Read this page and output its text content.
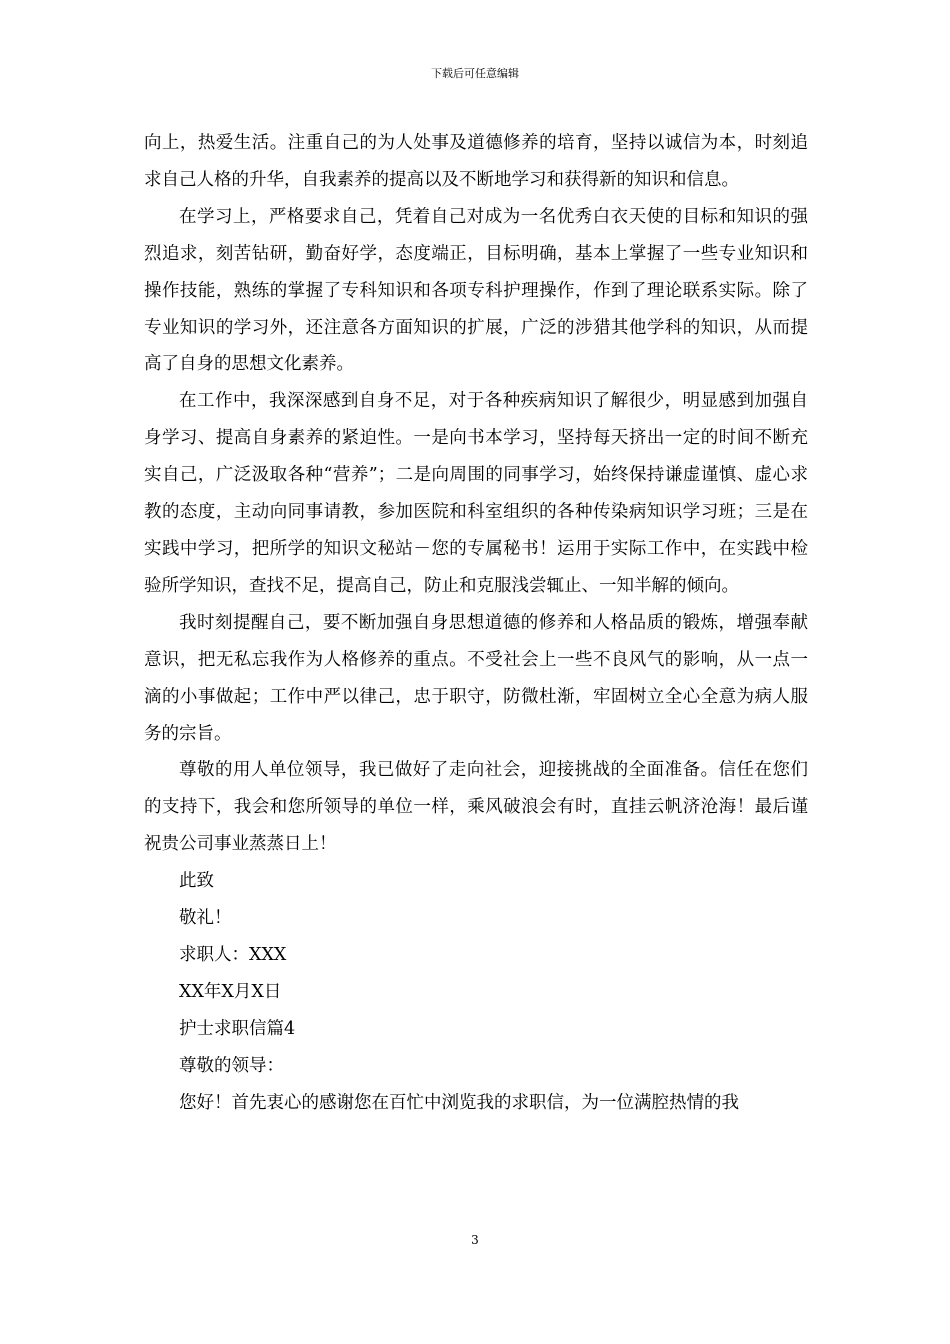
下载后可任意编辑

向上，热爱生活。注重自己的为人处事及道德修养的培育，坚持以诚信为本，时刻追求自己人格的升华，自我素养的提高以及不断地学习和获得新的知识和信息。

在学习上，严格要求自己，凭着自己对成为一名优秀白衣天使的目标和知识的强烈追求，刻苦钻研，勤奋好学，态度端正，目标明确，基本上掌握了一些专业知识和操作技能，熟练的掌握了专科知识和各项专科护理操作，作到了理论联系实际。除了专业知识的学习外，还注意各方面知识的扩展，广泛的涉猎其他学科的知识，从而提高了自身的思想文化素养。

在工作中，我深深感到自身不足，对于各种疾病知识了解很少，明显感到加强自身学习、提高自身素养的紧迫性。一是向书本学习，坚持每天挤出一定的时间不断充实自己，广泛汲取各种“营养”；二是向周围的同事学习，始终保持谦虚谨慎、虚心求教的态度，主动向同事请教，参加医院和科室组织的各种传染病知识学习班；三是在实践中学习，把所学的知识文秘站－您的专属秘书！运用于实际工作中，在实践中检验所学知识，查找不足，提高自己，防止和克服浅尝辄止、一知半解的倾向。

我时刻提醒自己，要不断加强自身思想道德的修养和人格品质的锻炼，增强奉献意识，把无私忘我作为人格修养的重点。不受社会上一些不良风气的影响，从一点一滴的小事做起；工作中严以律己，忠于职守，防微杜渐，牢固树立全心全意为病人服务的宗旨。

尊敬的用人单位领导，我已做好了走向社会，迎接挑战的全面准备。信任在您们的支持下，我会和您所领导的单位一样，乘风破浪会有时，直挂云帆济沧海！最后谨祝贵公司事业蒸蒸日上！

此致

敬礼！

求职人：XXX

XX年X月X日

护士求职信篇4

尊敬的领导：

您好！首先衷心的感谢您在百忙中浏览我的求职信，为一位满腔热情的我

3
